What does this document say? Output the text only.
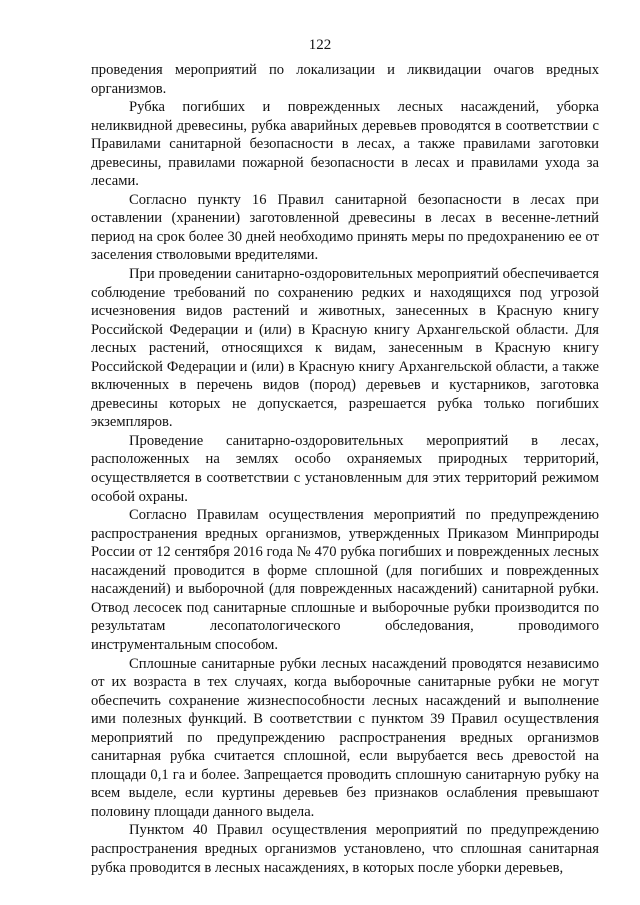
122

проведения мероприятий по локализации и ликвидации очагов вредных организмов.

Рубка погибших и поврежденных лесных насаждений, уборка неликвидной древесины, рубка аварийных деревьев проводятся в соответствии с Правилами санитарной безопасности в лесах, а также правилами заготовки древесины, правилами пожарной безопасности в лесах и правилами ухода за лесами.

Согласно пункту 16 Правил санитарной безопасности в лесах при оставлении (хранении) заготовленной древесины в лесах в весенне-летний период на срок более 30 дней необходимо принять меры по предохранению ее от заселения стволовыми вредителями.

При проведении санитарно-оздоровительных мероприятий обеспечивается соблюдение требований по сохранению редких и находящихся под угрозой исчезновения видов растений и животных, занесенных в Красную книгу Российской Федерации и (или) в Красную книгу Архангельской области. Для лесных растений, относящихся к видам, занесенным в Красную книгу Российской Федерации и (или) в Красную книгу Архангельской области, а также включенных в перечень видов (пород) деревьев и кустарников, заготовка древесины которых не допускается, разрешается рубка только погибших экземпляров.

Проведение санитарно-оздоровительных мероприятий в лесах, расположенных на землях особо охраняемых природных территорий, осуществляется в соответствии с установленным для этих территорий режимом особой охраны.

Согласно Правилам осуществления мероприятий по предупреждению распространения вредных организмов, утвержденных Приказом Минприроды России от 12 сентября 2016 года № 470 рубка погибших и поврежденных лесных насаждений проводится в форме сплошной (для погибших и поврежденных насаждений) и выборочной (для поврежденных насаждений) санитарной рубки. Отвод лесосек под санитарные сплошные и выборочные рубки производится по результатам лесопатологического обследования, проводимого инструментальным способом.

Сплошные санитарные рубки лесных насаждений проводятся независимо от их возраста в тех случаях, когда выборочные санитарные рубки не могут обеспечить сохранение жизнеспособности лесных насаждений и выполнение ими полезных функций. В соответствии с пунктом 39 Правил осуществления мероприятий по предупреждению распространения вредных организмов санитарная рубка считается сплошной, если вырубается весь древостой на площади 0,1 га и более. Запрещается проводить сплошную санитарную рубку на всем выделе, если куртины деревьев без признаков ослабления превышают половину площади данного выдела.

Пунктом 40 Правил осуществления мероприятий по предупреждению распространения вредных организмов установлено, что сплошная санитарная рубка проводится в лесных насаждениях, в которых после уборки деревьев,
